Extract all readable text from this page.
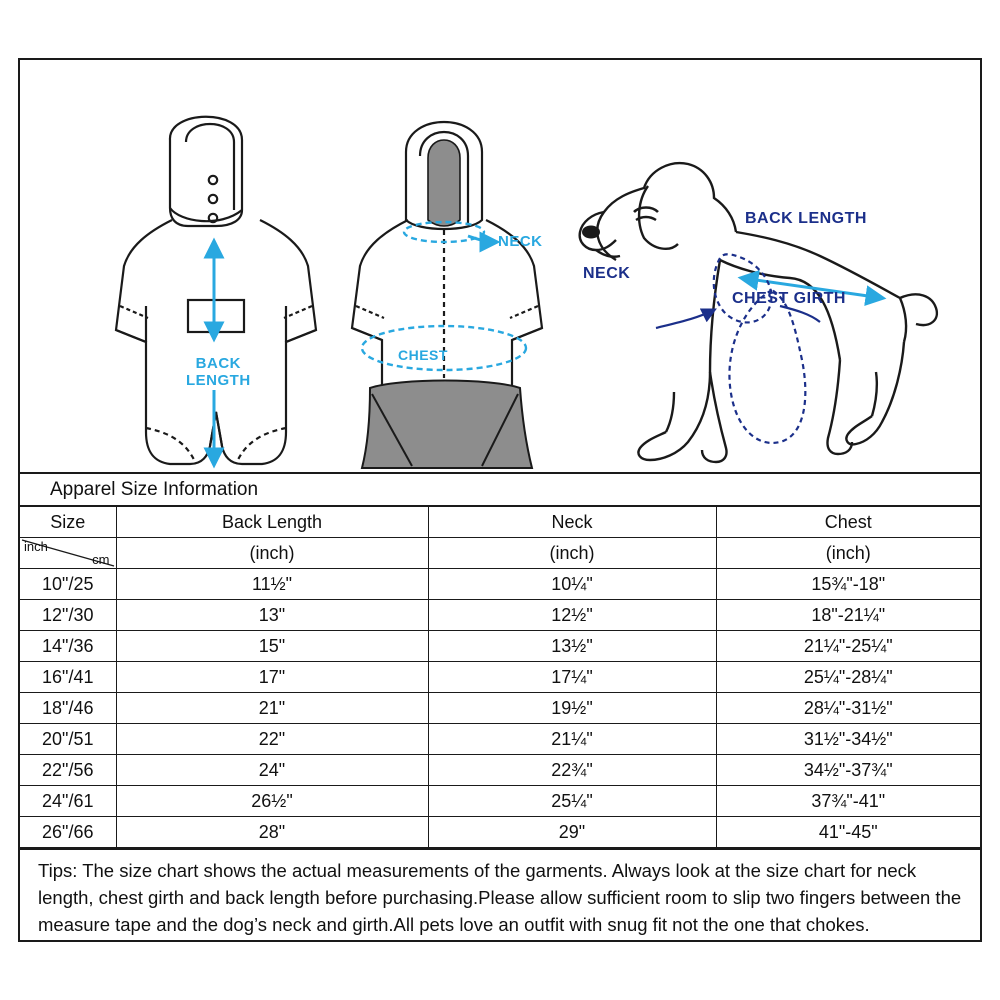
BACK
LENGTH
NECK
CHEST
BACK LENGTH
NECK
CHEST GIRTH
Apparel Size Information
Size	Back Length	Neck	Chest

inch
cm	(inch)	(inch)	(inch)
10"/25	11½"	10¼"	15¾"-18"
12"/30	13"	12½"	18"-21¼"
14"/36	15"	13½"	21¼"-25¼"
16"/41	17"	17¼"	25¼"-28¼"
18"/46	21"	19½"	28¼"-31½"
20"/51	22"	21¼"	31½"-34½"
22"/56	24"	22¾"	34½"-37¾"
24"/61	26½"	25¼"	37¾"-41"
26"/66	28"	29"	41"-45"
Tips: The size chart shows the actual measurements of the garments. Always look at the size chart for neck length, chest girth and back length before purchasing.Please allow sufficient room to slip two fingers between the measure tape and the dog’s neck and girth.All pets love an outfit with snug fit not the one that chokes.
